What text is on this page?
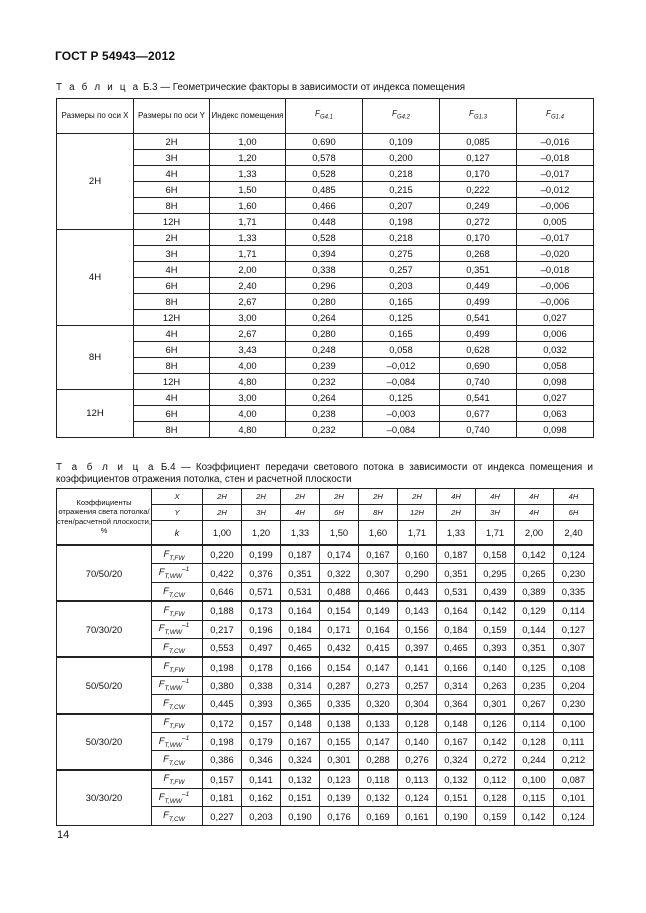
ГОСТ Р 54943—2012
Т а б л и ц а Б.3 — Геометрические факторы в зависимости от индекса помещения
Размеры по оси X	Размеры по оси Y	Индекс помещения	$F_{G4.1}$	$F_{G4.2}$	$F_{G1.3}$	$F_{G1.4}$
2H	2H	1,00	0,690	0,109	0,085	–0,016
	3H	1,20	0,578	0,200	0,127	–0,018
	4H	1,33	0,528	0,218	0,170	–0,017
	6H	1,50	0,485	0,215	0,222	–0,012
	8H	1,60	0,466	0,207	0,249	–0,006
	12H	1,71	0,448	0,198	0,272	0,005
4H	2H	1,33	0,528	0,218	0,170	–0,017
	3H	1,71	0,394	0,275	0,268	–0,020
	4H	2,00	0,338	0,257	0,351	–0,018
	6H	2,40	0,296	0,203	0,449	–0,006
	8H	2,67	0,280	0,165	0,499	–0,006
	12H	3,00	0,264	0,125	0,541	0,027
8H	4H	2,67	0,280	0,165	0,499	0,006
	6H	3,43	0,248	0,058	0,628	0,032
	8H	4,00	0,239	–0,012	0,690	0,058
	12H	4,80	0,232	–0,084	0,740	0,098
12H	4H	3,00	0,264	0,125	0,541	0,027
	6H	4,00	0,238	–0,003	0,677	0,063
	8H	4,80	0,232	–0,084	0,740	0,098
Т а б л и ц а Б.4 — Коэффициент передачи светового потока в зависимости от индекса помещения и
коэффициентов отражения потолка, стен и расчетной плоскости
Коэффициенты отражения света потолка/стен/расчетной плоскости, %	X	2H	2H	2H	2H	2H	2H	4H	4H	4H	4H
	Y	2H	3H	4H	6H	8H	12H	2H	3H	4H	6H
	k	1,00	1,20	1,33	1,50	1,60	1,71	1,33	1,71	2,00	2,40
70/50/20	$F_{T,FW}$	0,220	0,199	0,187	0,174	0,167	0,160	0,187	0,158	0,142	0,124
	$F_{T,WW}^{-1}$	0,422	0,376	0,351	0,322	0,307	0,290	0,351	0,295	0,265	0,230
	$F_{T,CW}$	0,646	0,571	0,531	0,488	0,466	0,443	0,531	0,439	0,389	0,335
70/30/20	$F_{T,FW}$	0,188	0,173	0,164	0,154	0,149	0,143	0,164	0,142	0,129	0,114
	$F_{T,WW}^{-1}$	0,217	0,196	0,184	0,171	0,164	0,156	0,184	0,159	0,144	0,127
	$F_{T,CW}$	0,553	0,497	0,465	0,432	0,415	0,397	0,465	0,393	0,351	0,307
50/50/20	$F_{T,FW}$	0,198	0,178	0,166	0,154	0,147	0,141	0,166	0,140	0,125	0,108
	$F_{T,WW}^{-1}$	0,380	0,338	0,314	0,287	0,273	0,257	0,314	0,263	0,235	0,204
	$F_{T,CW}$	0,445	0,393	0,365	0,335	0,320	0,304	0,364	0,301	0,267	0,230
50/30/20	$F_{T,FW}$	0,172	0,157	0,148	0,138	0,133	0,128	0,148	0,126	0,114	0,100
	$F_{T,WW}^{-1}$	0,198	0,179	0,167	0,155	0,147	0,140	0,167	0,142	0,128	0,111
	$F_{T,CW}$	0,386	0,346	0,324	0,301	0,288	0,276	0,324	0,272	0,244	0,212
30/30/20	$F_{T,FW}$	0,157	0,141	0,132	0,123	0,118	0,113	0,132	0,112	0,100	0,087
	$F_{T,WW}^{-1}$	0,181	0,162	0,151	0,139	0,132	0,124	0,151	0,128	0,115	0,101
	$F_{T,CW}$	0,227	0,203	0,190	0,176	0,169	0,161	0,190	0,159	0,142	0,124
14
